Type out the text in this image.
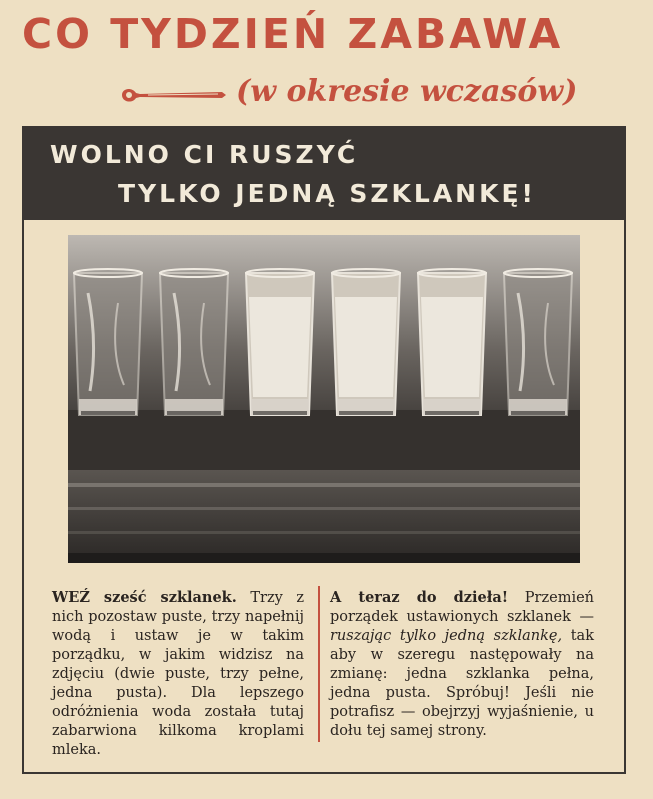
CO TYDZIEŃ ZABAWA
(w okresie wczasów)
WOLNO CI RUSZYĆ
TYLKO JEDNĄ SZKLANKĘ!
WEŹ sześć szklanek. Trzy z nich pozostaw puste, trzy napełnij wodą i ustaw je w takim porządku, w jakim widzisz na zdjęciu (dwie puste, trzy pełne, jedna pusta). Dla lepszego odróżnienia woda została tutaj zabarwiona kilkoma kroplami mleka.
A teraz do dzieła! Przemień porządek ustawionych szklanek — ruszając tylko jedną szklankę, tak aby w szeregu następowały na zmianę: jedna szklanka pełna, jedna pusta. Spróbuj! Jeśli nie potrafisz — obejrzyj wyjaśnienie, u dołu tej samej strony.
